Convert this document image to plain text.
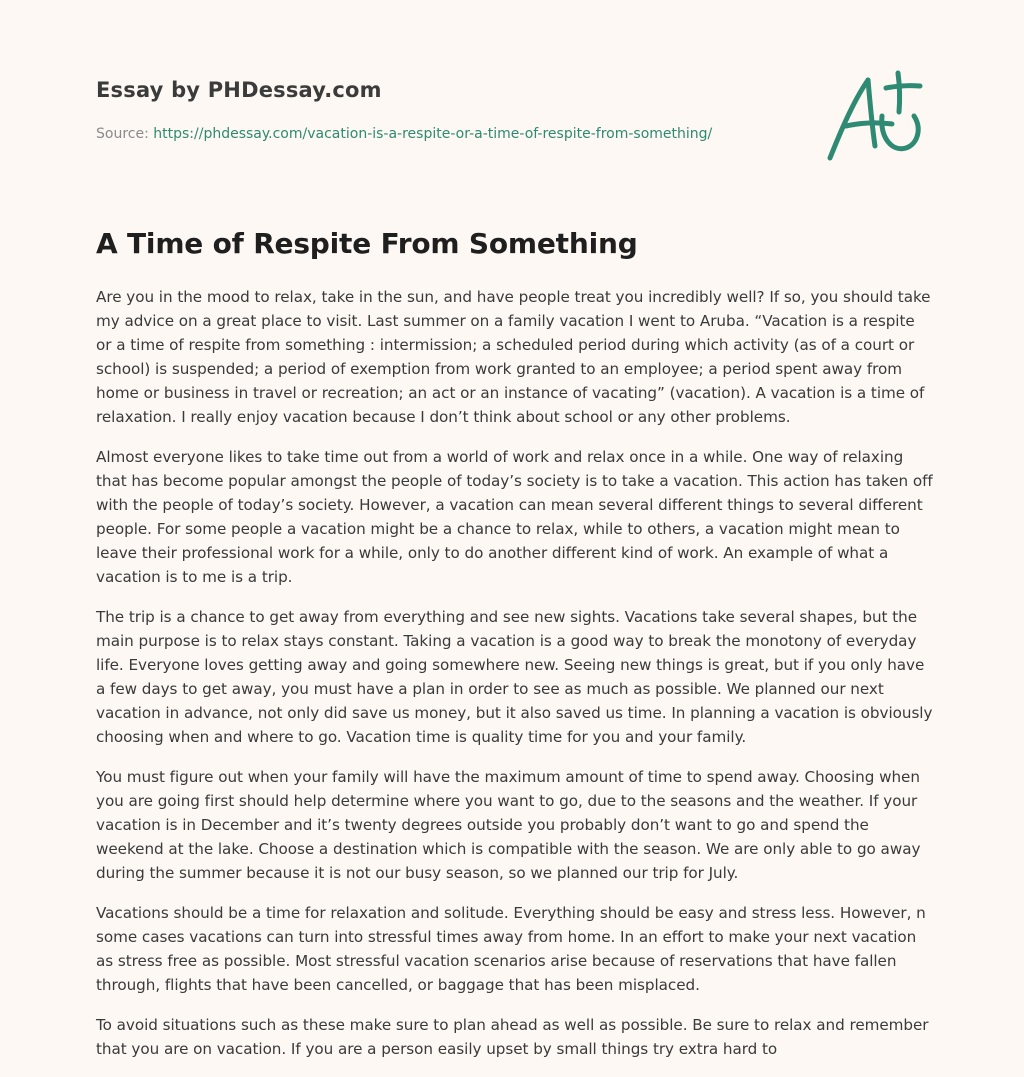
Essay by PHDessay.com
Source: https://phdessay.com/vacation-is-a-respite-or-a-time-of-respite-from-something/
A Time of Respite From Something

Are you in the mood to relax, take in the sun, and have people treat you incredibly well? If so, you should take my advice on a great place to visit. Last summer on a family vacation I went to Aruba. “Vacation is a respite or a time of respite from something : intermission; a scheduled period during which activity (as of a court or school) is suspended; a period of exemption from work granted to an employee; a period spent away from home or business in travel or recreation; an act or an instance of vacating” (vacation). A vacation is a time of relaxation. I really enjoy vacation because I don’t think about school or any other problems.

Almost everyone likes to take time out from a world of work and relax once in a while. One way of relaxing that has become popular amongst the people of today’s society is to take a vacation. This action has taken off with the people of today’s society. However, a vacation can mean several different things to several different people. For some people a vacation might be a chance to relax, while to others, a vacation might mean to leave their professional work for a while, only to do another different kind of work. An example of what a vacation is to me is a trip.

The trip is a chance to get away from everything and see new sights. Vacations take several shapes, but the main purpose is to relax stays constant. Taking a vacation is a good way to break the monotony of everyday life. Everyone loves getting away and going somewhere new. Seeing new things is great, but if you only have a few days to get away, you must have a plan in order to see as much as possible. We planned our next vacation in advance, not only did save us money, but it also saved us time. In planning a vacation is obviously choosing when and where to go. Vacation time is quality time for you and your family.

You must figure out when your family will have the maximum amount of time to spend away. Choosing when you are going first should help determine where you want to go, due to the seasons and the weather. If your vacation is in December and it’s twenty degrees outside you probably don’t want to go and spend the weekend at the lake. Choose a destination which is compatible with the season. We are only able to go away during the summer because it is not our busy season, so we planned our trip for July.

Vacations should be a time for relaxation and solitude. Everything should be easy and stress less. However, n some cases vacations can turn into stressful times away from home. In an effort to make your next vacation as stress free as possible. Most stressful vacation scenarios arise because of reservations that have fallen through, flights that have been cancelled, or baggage that has been misplaced.

To avoid situations such as these make sure to plan ahead as well as possible. Be sure to relax and remember that you are on vacation. If you are a person easily upset by small things try extra hard to
